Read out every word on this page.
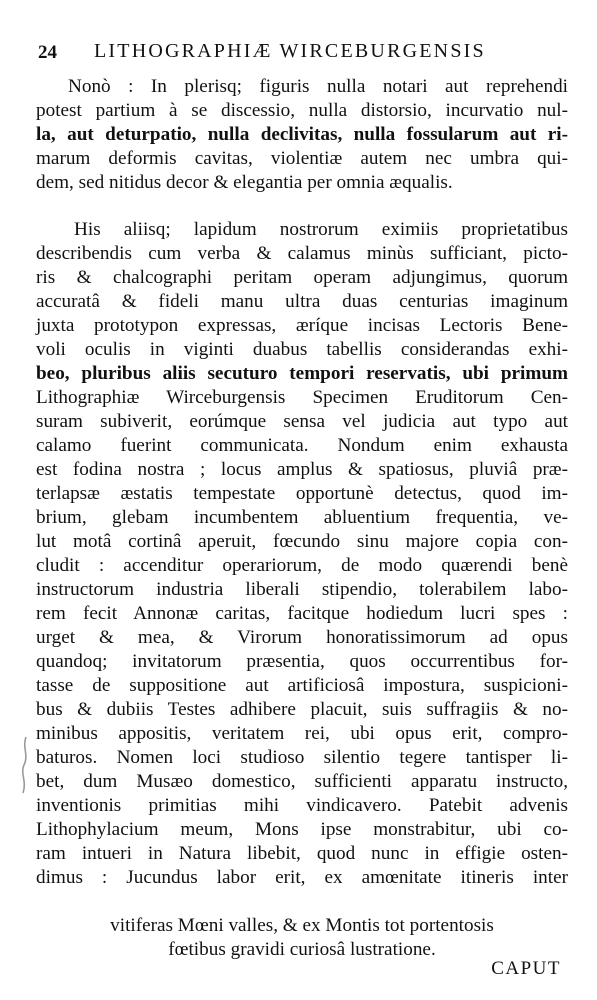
24 LITHOGRAPHIÆ WIRCEBURGENSIS
Nonò : In plerisq; figuris nulla notari aut reprehendi
potest partium à se discessio, nulla distorsio, incurvatio nul-
la, aut deturpatio, nulla declivitas, nulla fossularum aut ri-
marum deformis cavitas, violentiæ autem nec umbra qui-
dem, sed nitidus decor & elegantia per omnia æqualis.
His aliisq; lapidum nostrorum eximiis proprietatibus
describendis cum verba & calamus minùs sufficiant, picto-
ris & chalcographi peritam operam adjungimus, quorum
accuratâ & fideli manu ultra duas centurias imaginum
juxta prototypon expressas, æríque incisas Lectoris Bene-
voli oculis in viginti duabus tabellis considerandas exhi-
beo, pluribus aliis secuturo tempori reservatis, ubi primum
Lithographiæ Wirceburgensis Specimen Eruditorum Cen-
suram subiverit, eorúmque sensa vel judicia aut typo aut
calamo fuerint communicata. Nondum enim exhausta
est fodina nostra ; locus amplus & spatiosus, pluviâ præ-
terlapsæ æstatis tempestate opportunè detectus, quod im-
brium, glebam incumbentem abluentium frequentia, ve-
lut motâ cortinâ aperuit, fœcundo sinu majore copia con-
cludit : accenditur operariorum, de modo quærendi benè
instructorum industria liberali stipendio, tolerabilem labo-
rem fecit Annonæ caritas, facitque hodiedum lucri spes :
urget & mea, & Virorum honoratissimorum ad opus
quandoq; invitatorum præsentia, quos occurrentibus for-
tasse de suppositione aut artificiosâ impostura, suspicioni-
bus & dubiis Testes adhibere placuit, suis suffragiis & no-
minibus appositis, veritatem rei, ubi opus erit, compro-
baturos. Nomen loci studioso silentio tegere tantisper li-
bet, dum Musæo domestico, sufficienti apparatu instructo,
inventionis primitias mihi vindicavero. Patebit advenis
Lithophylacium meum, Mons ipse monstrabitur, ubi co-
ram intueri in Natura libebit, quod nunc in effigie osten-
dimus : Jucundus labor erit, ex amœnitate itineris inter
vitiferas Mœni valles, & ex Montis tot portentosis
fœtibus gravidi curiosâ lustratione.
CAPUT
